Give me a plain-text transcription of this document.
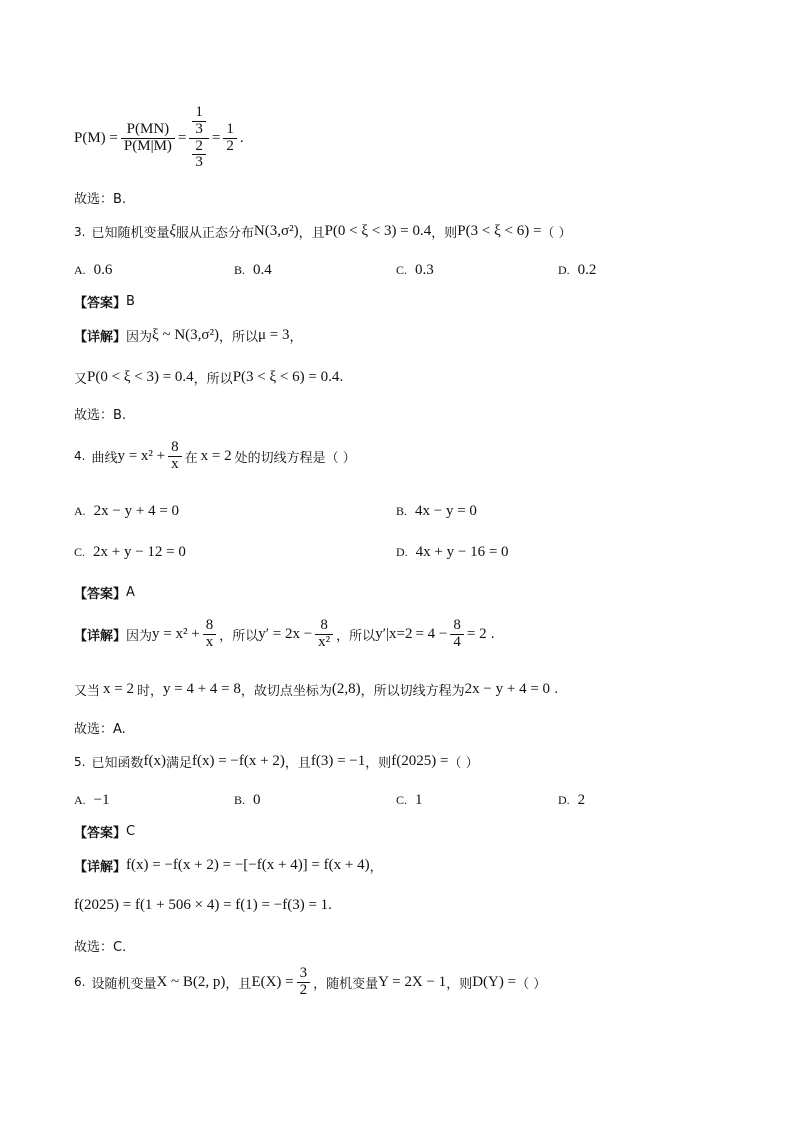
$P(M) = \frac{P(MN)}{P(M|M)} = \frac{\frac{1}{3}}{\frac{2}{3}} = \frac{1}{2}$ .
故选：B.
3. 已知随机变量 ξ 服从正态分布 N(3,σ²) ，且 P(0 < ξ < 3) = 0.4 ，则 P(3 < ξ < 6) = （ ）
A. 0.6	B. 0.4	C. 0.3	D. 0.2
【答案】 B
【详解】 因为 ξ ~ N(3,σ²) ，所以 μ = 3 ，
又 P(0 < ξ < 3) = 0.4 ，所以 P(3 < ξ < 6) = 0.4 .
故选：B.
4. 曲线 $y = x^2 + \frac{8}{x}$ 在 x = 2 处的切线方程是（ ）
A. 2x − y + 4 = 0	B. 4x − y = 0
C. 2x + y − 12 = 0	D. 4x + y − 16 = 0
【答案】 A
【详解】 因为 $y = x^2 + \frac{8}{x}$ ，所以 $y' = 2x - \frac{8}{\text{x²}}$ ，所以 y′| $x=2 = 4 - \frac{8}{4} = 2$ .
又当 x = 2 时， y = 4 + 4 = 8 ，故切点坐标为 (2,8) ，所以切线方程为 2x − y + 4 = 0 .
故选：A.
5. 已知函数 f(x) 满足 f(x) = −f(x + 2) ，且 f(3) = −1 ，则 f(2025) = （ ）
A. −1	B. 0	C. 1	D. 2
【答案】 C
【详解】 f(x) = −f(x + 2) = −[−f(x + 4)] = f(x + 4) ，
f(2025) = f(1 + 506 × 4) = f(1) = −f(3) = 1.
故选：C.
6. 设随机变量 X ~ B(2, p) ，且 $E(X) = \frac{3}{2}$ ，随机变量 Y = 2X − 1 ，则 D(Y) = （ ）
